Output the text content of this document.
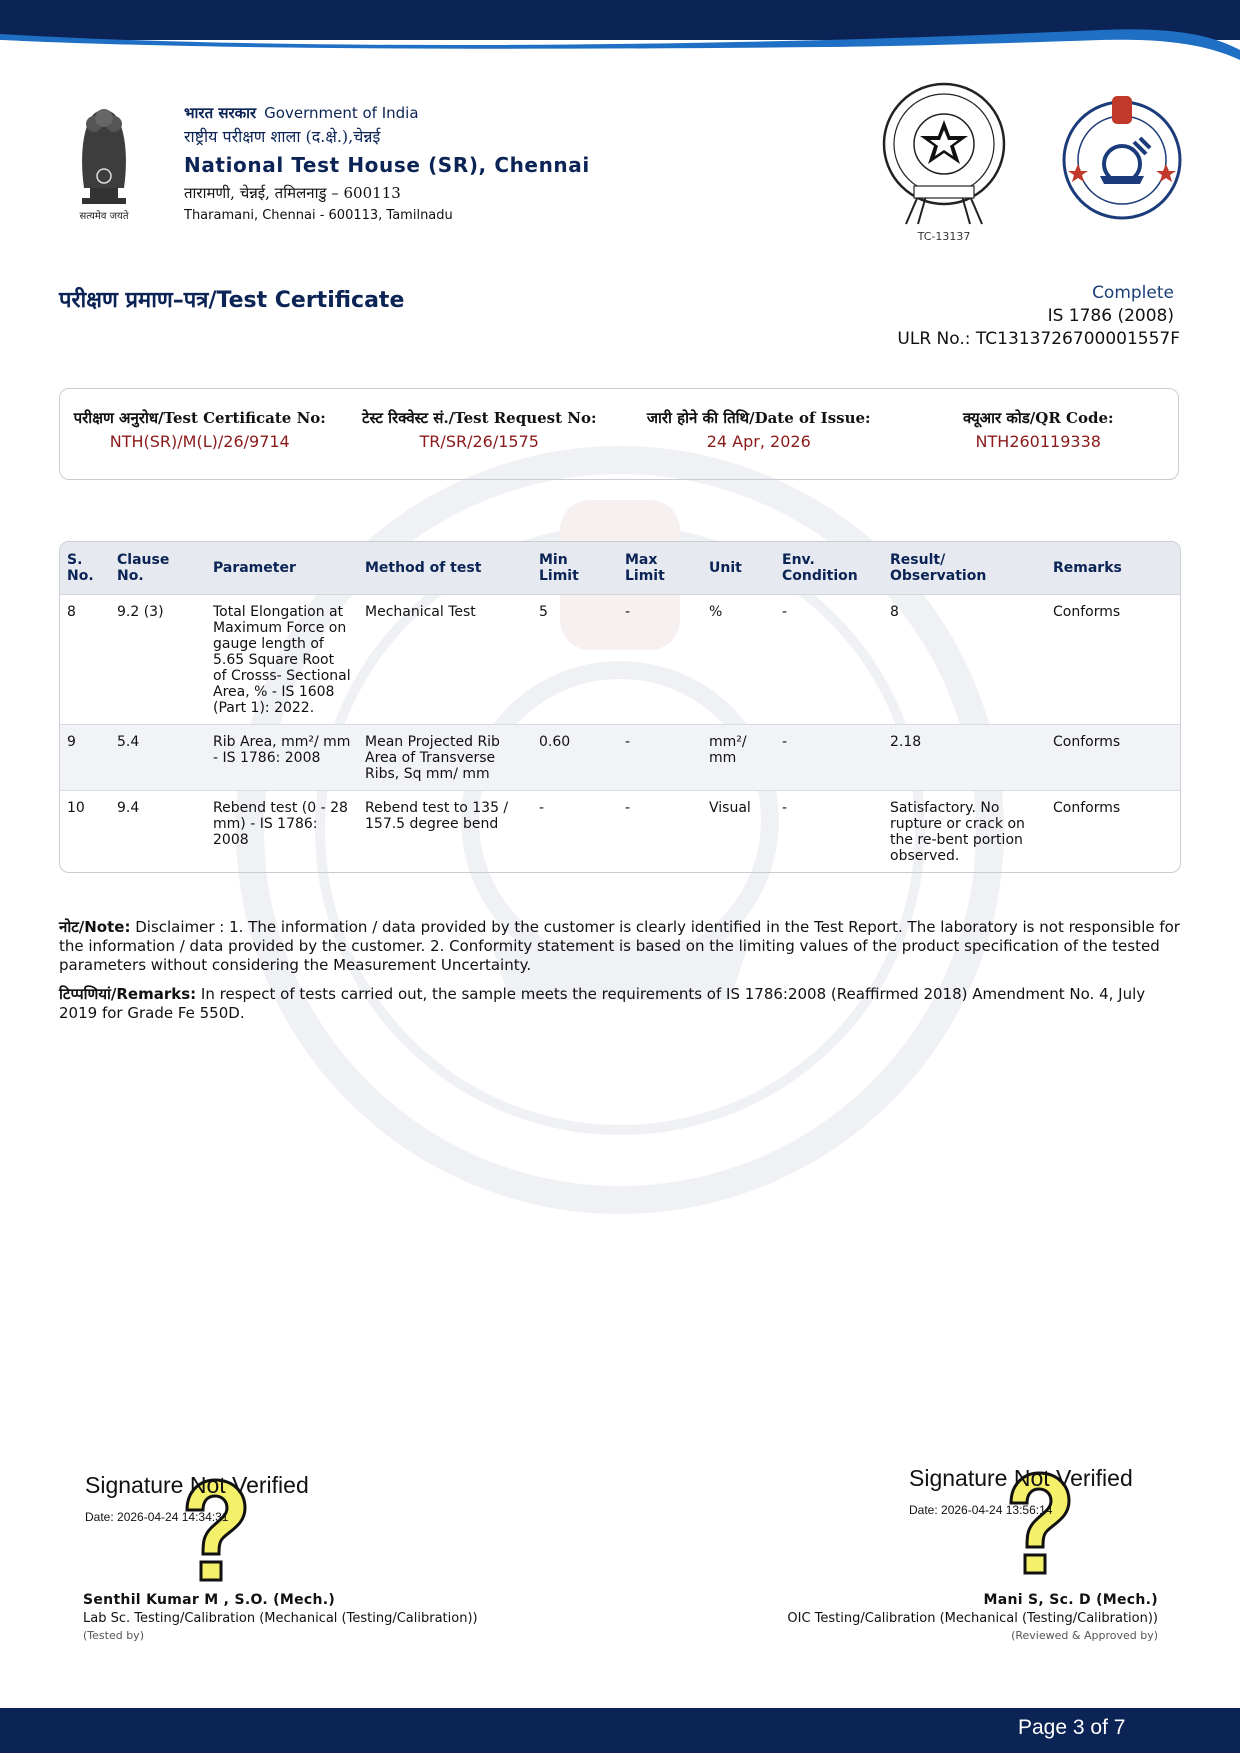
सत्यमेव जयते
भारत सरकार Government of India
राष्ट्रीय परीक्षण शाला (द.क्षे.),चेन्नई
National Test House (SR), Chennai
तारामणी, चेन्नई, तमिलनाडु – 600113
Tharamani, Chennai - 600113, Tamilnadu
TC-13137
परीक्षण प्रमाण–पत्र/Test Certificate	Complete
IS 1786 (2008)
ULR No.: TC1313726700001557F
परीक्षण अनुरोध/Test Certificate No:
NTH(SR)/M(L)/26/9714
टेस्ट रिक्वेस्ट सं./Test Request No:
TR/SR/26/1575
जारी होने की तिथि/Date of Issue:
24 Apr, 2026
क्यूआर कोड/QR Code:
NTH260119338
S. No.	Clause No.	Parameter	Method of test	Min Limit	Max Limit	Unit	Env. Condition	Result/ Observation	Remarks
8	9.2 (3)	Total Elongation at Maximum Force on gauge length of 5.65 Square Root of Crosss- Sectional Area, % - IS 1608 (Part 1): 2022.	Mechanical Test	5	-	%	-	8	Conforms
9	5.4	Rib Area, mm²/ mm - IS 1786: 2008	Mean Projected Rib Area of Transverse Ribs, Sq mm/ mm	0.60	-	mm²/ mm	-	2.18	Conforms
10	9.4	Rebend test (0 - 28 mm) - IS 1786: 2008	Rebend test to 135 / 157.5 degree bend	-	-	Visual	-	Satisfactory. No rupture or crack on the re-bent portion observed.	Conforms

नोट/Note: Disclaimer : 1. The information / data provided by the customer is clearly identified in the Test Report. The laboratory is not responsible for the information / data provided by the customer. 2. Conformity statement is based on the limiting values of the product specification of the tested parameters without considering the Measurement Uncertainty.

टिप्पणियां/Remarks: In respect of tests carried out, the sample meets the requirements of IS 1786:2008 (Reaffirmed 2018) Amendment No. 4, July 2019 for Grade Fe 550D.

Signature Not Verified
Date: 2026-04-24 14:34:31
Signature Not Verified
Date: 2026-04-24 13:56:14
Senthil Kumar M , S.O. (Mech.)
Lab Sc. Testing/Calibration (Mechanical (Testing/Calibration))
(Tested by)
Mani S, Sc. D (Mech.)
OIC Testing/Calibration (Mechanical (Testing/Calibration))
(Reviewed & Approved by)
Page 3 of 7
